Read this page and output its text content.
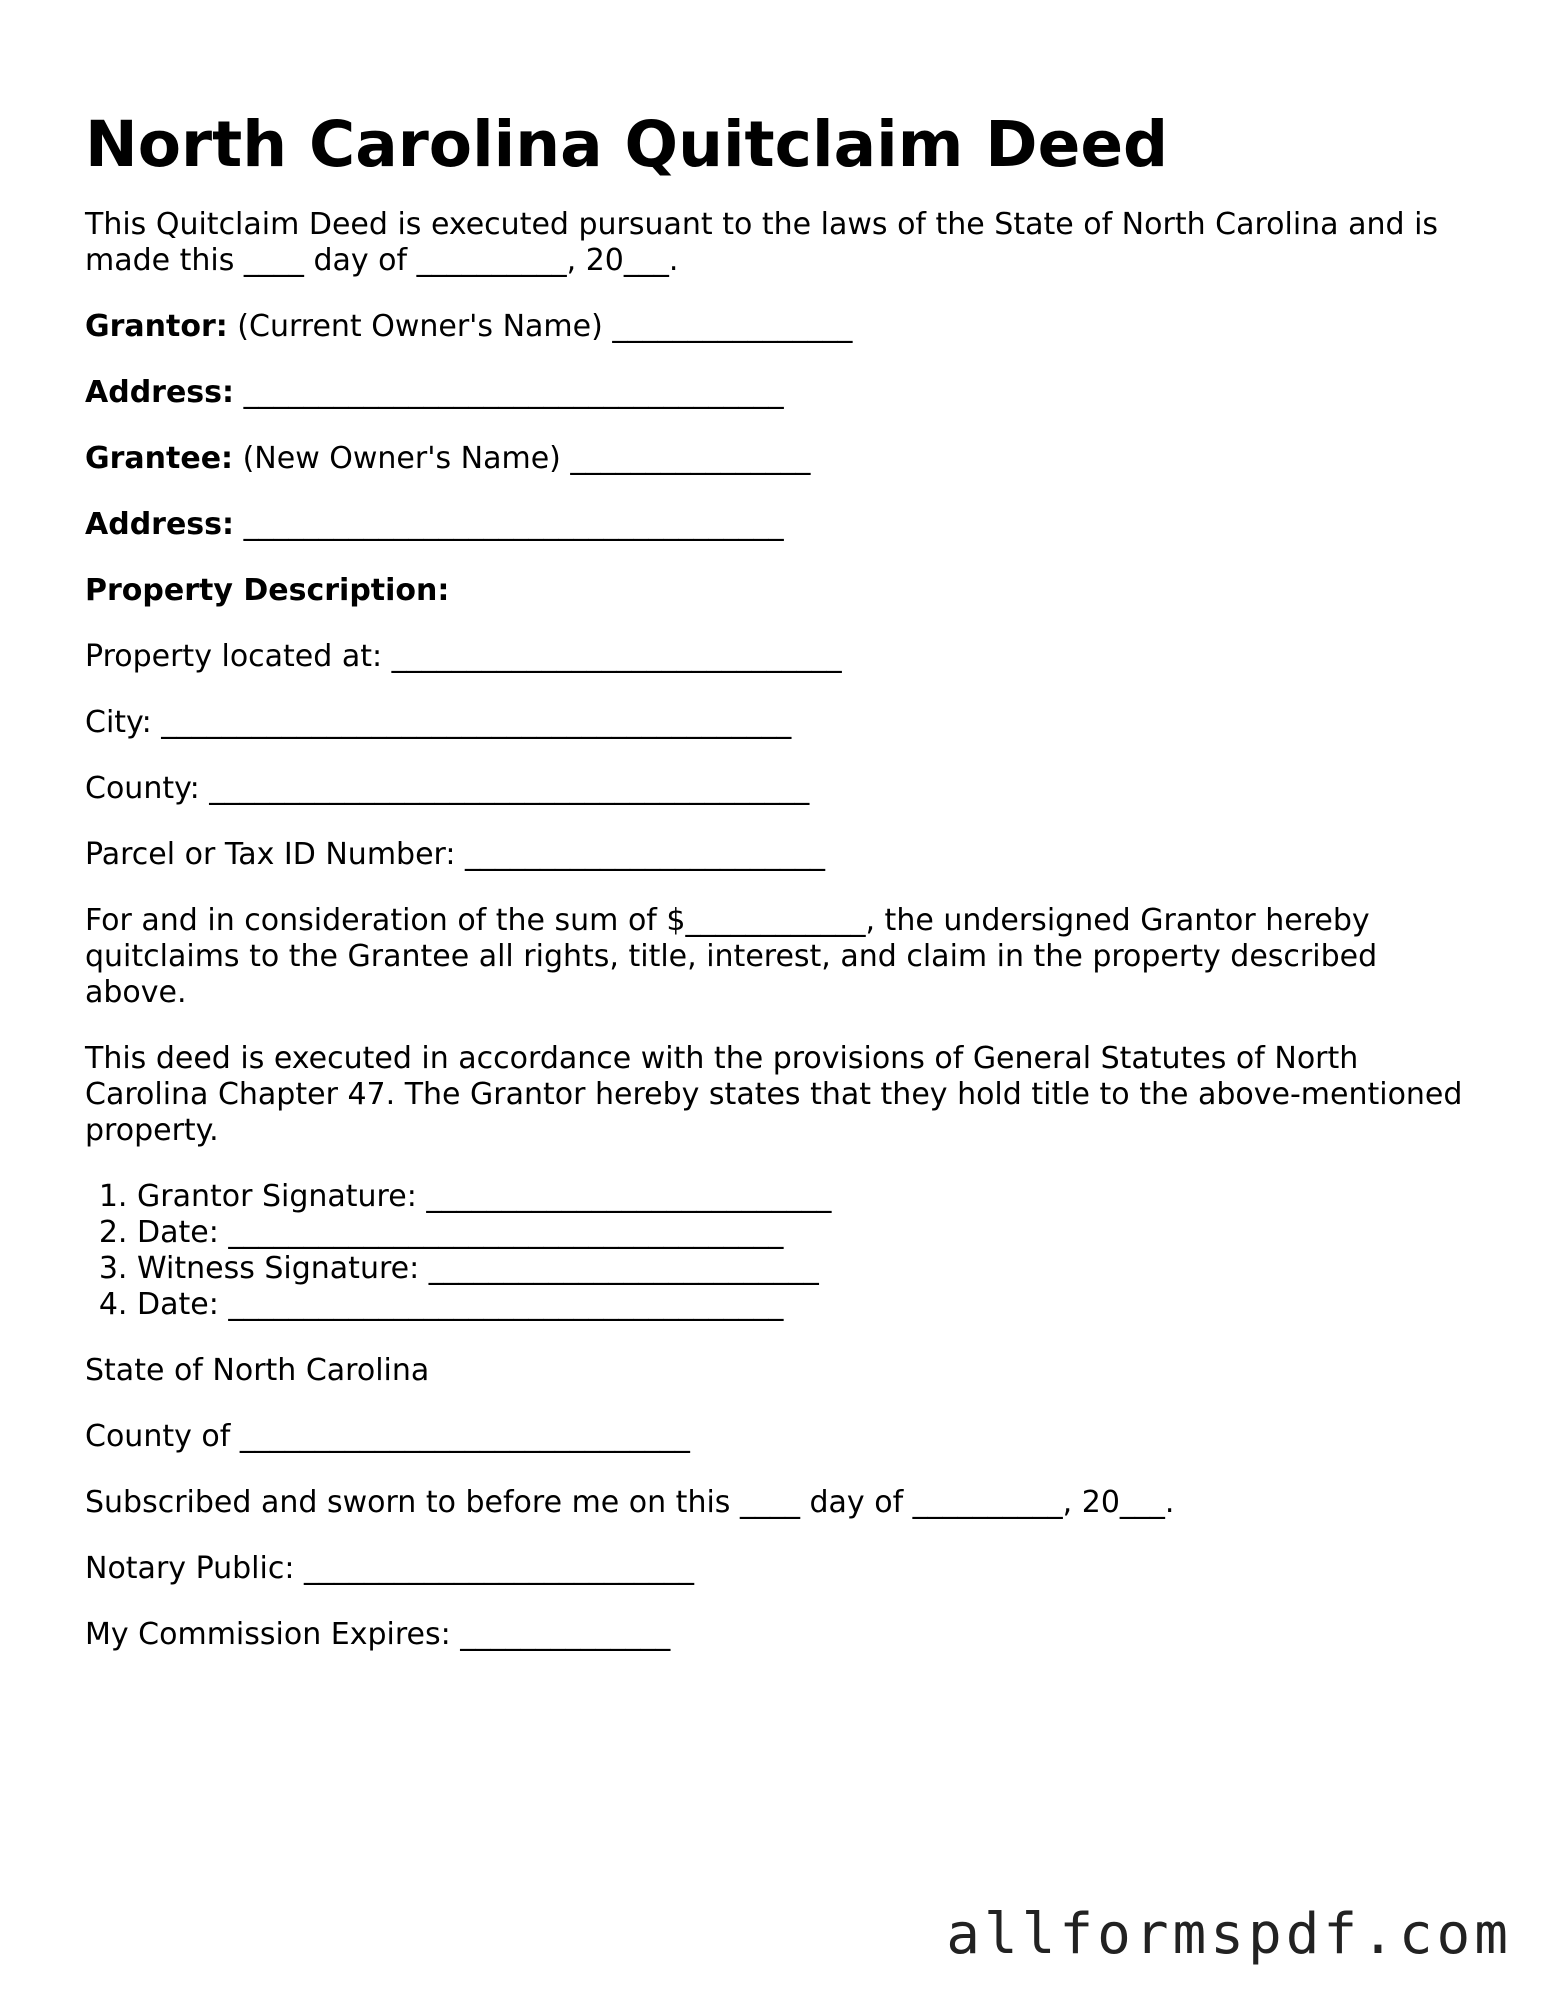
North Carolina Quitclaim Deed

This Quitclaim Deed is executed pursuant to the laws of the State of North Carolina and is made this ____ day of __________, 20___.

Grantor: (Current Owner's Name) ________________

Address: ____________________________________

Grantee: (New Owner's Name) ________________

Address: ____________________________________

Property Description:

Property located at: ______________________________

City: __________________________________________

County: ________________________________________

Parcel or Tax ID Number: ________________________

For and in consideration of the sum of $____________, the undersigned Grantor hereby quitclaims to the Grantee all rights, title, interest, and claim in the property described above.

This deed is executed in accordance with the provisions of General Statutes of North Carolina Chapter 47. The Grantor hereby states that they hold title to the above-mentioned property.

1. Grantor Signature: ___________________________
2. Date: _____________________________________
3. Witness Signature: __________________________
4. Date: _____________________________________

State of North Carolina

County of ______________________________

Subscribed and sworn to before me on this ____ day of __________, 20___.

Notary Public: __________________________

My Commission Expires: ______________

allformspdf.com
